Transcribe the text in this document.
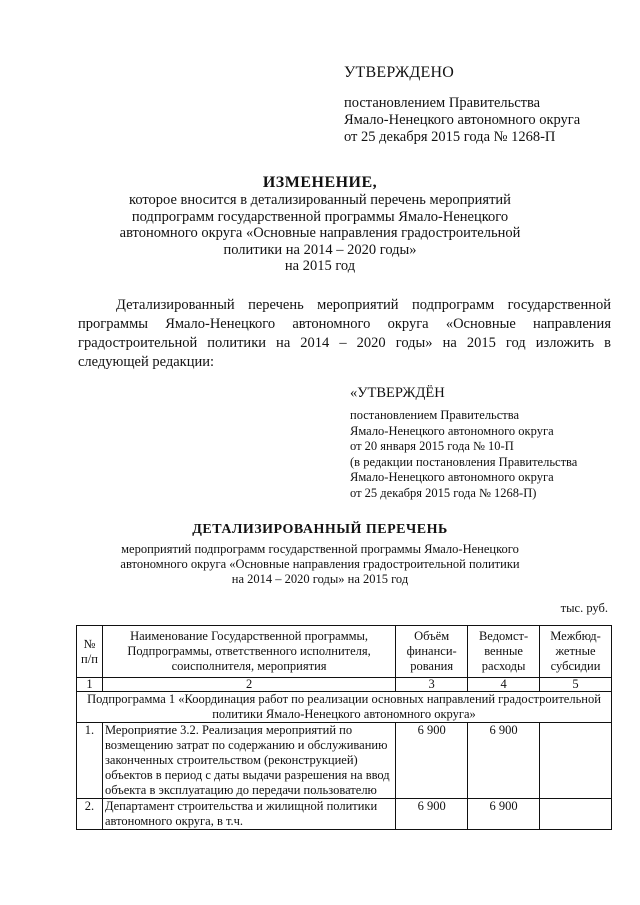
УТВЕРЖДЕНО
постановлением Правительства
Ямало-Ненецкого автономного округа
от 25 декабря 2015 года № 1268-П
ИЗМЕНЕНИЕ,
которое вносится в детализированный перечень мероприятий
подпрограмм государственной программы Ямало-Ненецкого
автономного округа «Основные направления градостроительной
политики на 2014 – 2020 годы»
на 2015 год
Детализированный перечень мероприятий подпрограмм государственной программы Ямало-Ненецкого автономного округа «Основные направления градостроительной политики на 2014 – 2020 годы» на 2015 год изложить в следующей редакции:
«УТВЕРЖДЁН
постановлением Правительства
Ямало-Ненецкого автономного округа
от 20 января 2015 года № 10-П
(в редакции постановления Правительства
Ямало-Ненецкого автономного округа
от 25 декабря 2015 года № 1268-П)
ДЕТАЛИЗИРОВАННЫЙ ПЕРЕЧЕНЬ
мероприятий подпрограмм государственной программы Ямало-Ненецкого
автономного округа «Основные направления градостроительной политики
на 2014 – 2020 годы» на 2015 год
тыс. руб.
№ п/п	Наименование Государственной программы, Подпрограммы, ответственного исполнителя, соисполнителя, мероприятия	Объём финанси-рования	Ведомст-венные расходы	Межбюд-жетные субсидии
1	2	3	4	5
Подпрограмма 1 «Координация работ по реализации основных направлений градостроительной политики Ямало-Ненецкого автономного округа»				
1.	Мероприятие 3.2. Реализация мероприятий по возмещению затрат по содержанию и обслуживанию законченных строительством (реконструкцией) объектов в период с даты выдачи разрешения на ввод объекта в эксплуатацию до передачи пользователю	6 900	6 900	
2.	Департамент строительства и жилищной политики автономного округа, в т.ч.	6 900	6 900	
